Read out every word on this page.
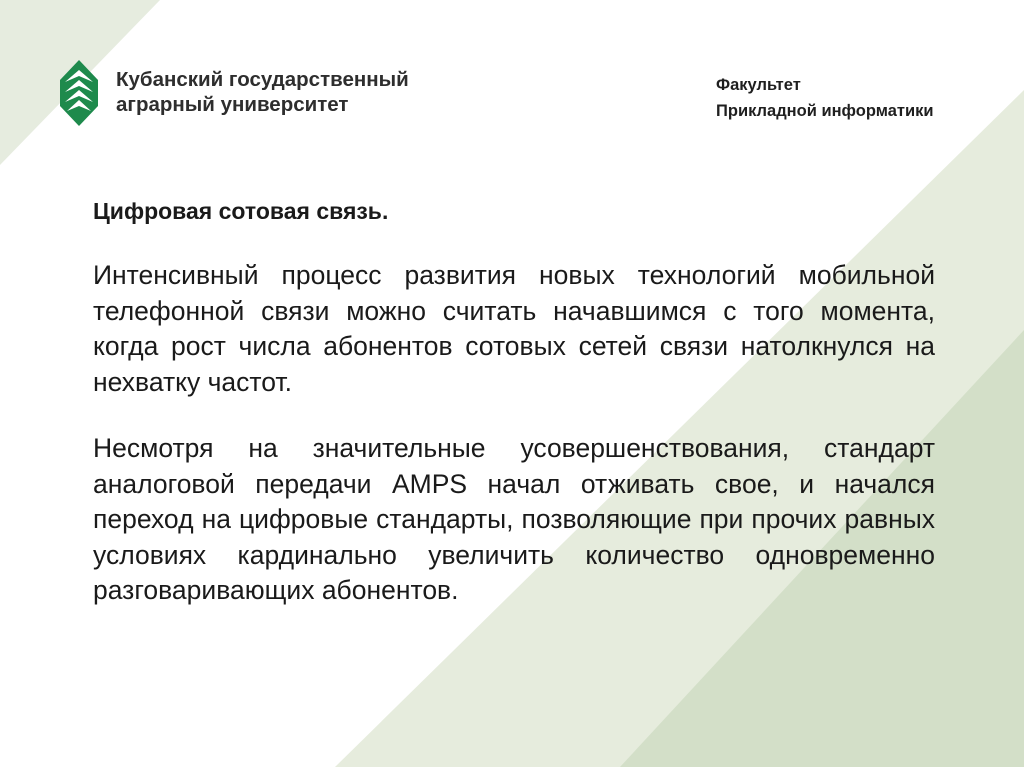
Кубанский государственный
аграрный университет
Факультет
Прикладной информатики
Цифровая сотовая связь.

Интенсивный процесс развития новых технологий мобильной телефонной связи можно считать начавшимся с того момента, когда рост числа абонентов сотовых сетей связи натолкнулся на нехватку частот.

Несмотря на значительные усовершенствования, стандарт аналоговой передачи AMPS начал отживать свое, и начался переход на цифровые стандарты, позволяющие при прочих равных условиях кардинально увеличить количество одновременно разговаривающих абонентов.
